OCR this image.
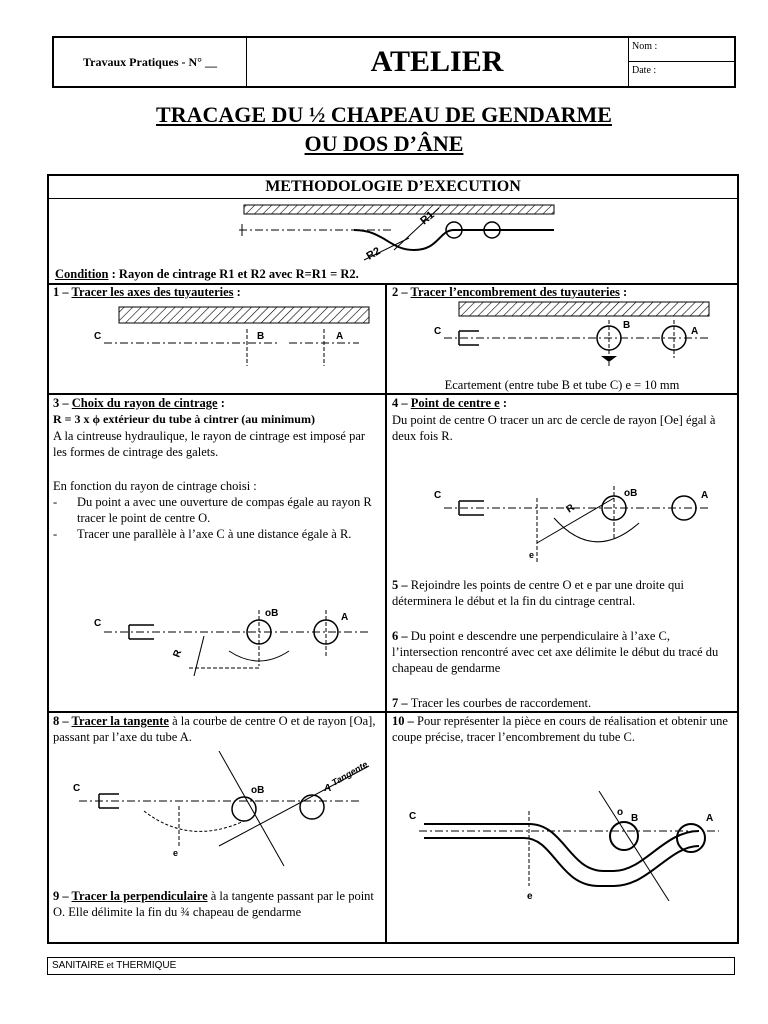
Travaux Pratiques - N° __	ATELIER	Nom :
Date :
TRACAGE DU ½ CHAPEAU DE GENDARME
OU DOS D’ÂNE
METHODOLOGIE D’EXECUTION
R1
R2
Condition : Rayon de cintrage R1 et R2 avec R=R1 = R2.
1 – Tracer les axes des tuyauteries :
C	B	A
2 – Tracer l’encombrement des tuyauteries :
C
B
A
Ecartement (entre tube B et tube C) e = 10 mm
3 – Choix du rayon de cintrage :
R = 3 x ϕ extérieur du tube à cintrer (au minimum)
A la cintreuse hydraulique, le rayon de cintrage est imposé par les formes de cintrage des galets.
En fonction du rayon de cintrage choisi :
- Du point a avec une ouverture de compas égale au rayon R tracer le point de centre O.
- Tracer une parallèle à l’axe C à une distance égale à R.
C
oB	A
R
4 – Point de centre e :
Du point de centre O tracer un arc de cercle de rayon [Oe] égal à deux fois R.
C	oB	A
R
e
5 – Rejoindre les points de centre O et e par une droite qui déterminera le début et la fin du cintrage central.
6 – Du point e descendre une perpendiculaire à l’axe C, l’intersection rencontré avec cet axe délimite le début du tracé du chapeau de gendarme
7 – Tracer les courbes de raccordement.
8 – Tracer la tangente à la courbe de centre O et de rayon [Oa], passant par l’axe du tube A.
C	oB	A
Tangente
e
9 – Tracer la perpendiculaire à la tangente passant par le point O. Elle délimite la fin du ¾ chapeau de gendarme
10 – Pour représenter la pièce en cours de réalisation et obtenir une coupe précise, tracer l’encombrement du tube C.
C	o
B	A
e
SANITAIRE et THERMIQUE
